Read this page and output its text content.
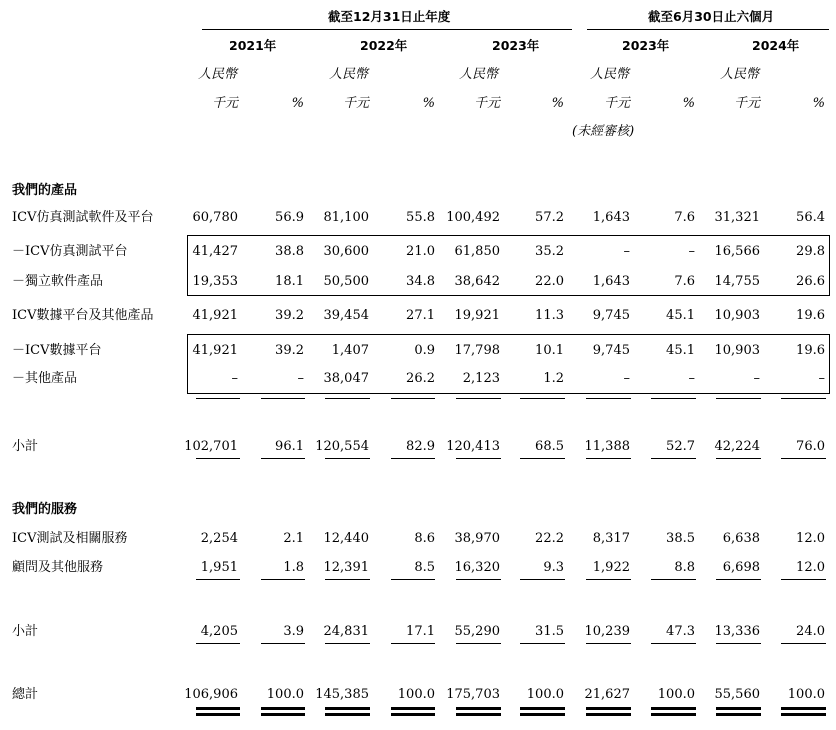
截至12月31日止年度	截至6月30日止六個月
2021年	2022年	2023年	2023年	2024年
人民幣	人民幣	人民幣	人民幣	人民幣
千元	%	千元	%	千元	%	千元	%	千元	%
(未經審核)
我們的產品
ICV仿真測試軟件及平台	60,780	56.9 81,100	55.8 100,492	57.2 1,643	7.6 31,321	56.4
－ICV仿真測試平台	41,427	38.8 30,600	21.0 61,850	35.2	–	– 16,566	29.8
－獨立軟件產品	19,353	18.1 50,500	34.8 38,642	22.0 1,643	7.6 14,755	26.6
ICV數據平台及其他產品	41,921	39.2 39,454	27.1 19,921	11.3 9,745	45.1 10,903	19.6
－ICV數據平台	41,921	39.2 1,407	0.9 17,798	10.1 9,745	45.1 10,903	19.6
－其他產品	–	– 38,047	26.2 2,123	1.2	–	–	–	–
小計	102,701	96.1 120,554	82.9 120,413	68.5 11,388	52.7 42,224	76.0
我們的服務
ICV測試及相關服務	2,254	2.1 12,440	8.6 38,970	22.2 8,317	38.5 6,638	12.0
顧問及其他服務	1,951	1.8 12,391	8.5 16,320	9.3 1,922	8.8 6,698	12.0
小計	4,205	3.9 24,831	17.1 55,290	31.5 10,239	47.3 13,336	24.0
總計	106,906 100.0 145,385 100.0 175,703 100.0 21,627 100.0 55,560 100.0
